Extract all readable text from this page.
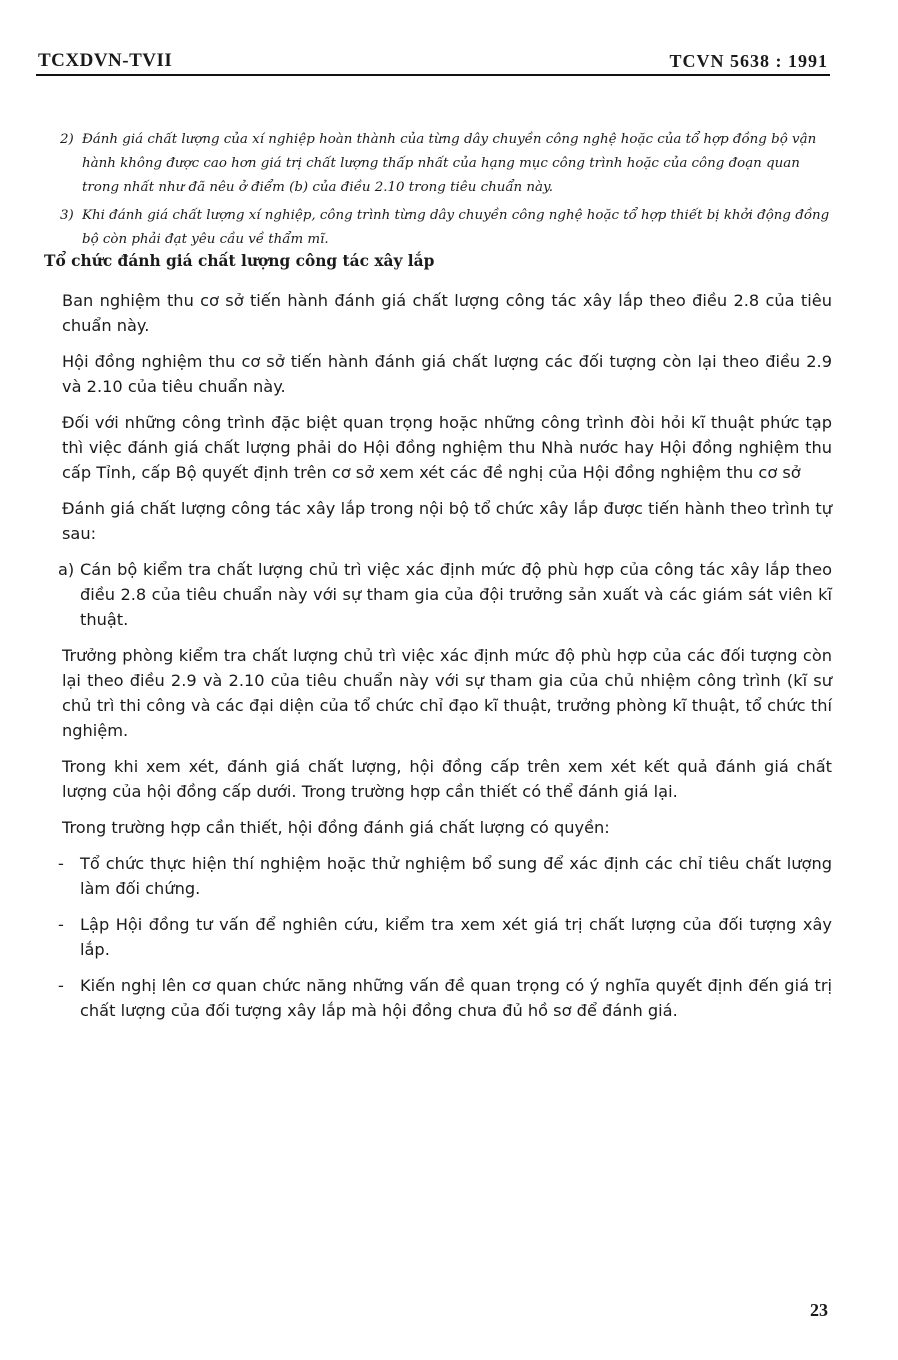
TCXDVN-TVII	TCVN 5638 : 1991
2) Đánh giá chất lượng của xí nghiệp hoàn thành của từng dây chuyền công nghệ hoặc của tổ hợp đồng bộ vận hành không được cao hơn giá trị chất lượng thấp nhất của hạng mục công trình hoặc của công đoạn quan trong nhất như đã nêu ở điểm (b) của điều 2.10 trong tiêu chuẩn này.
3) Khi đánh giá chất lượng xí nghiệp, công trình từng dây chuyền công nghệ hoặc tổ hợp thiết bị khởi động đồng bộ còn phải đạt yêu cầu về thẩm mĩ.
Tổ chức đánh giá chất lượng công tác xây lắp

Ban nghiệm thu cơ sở tiến hành đánh giá chất lượng công tác xây lắp theo điều 2.8 của tiêu chuẩn này.

Hội đồng nghiệm thu cơ sở tiến hành đánh giá chất lượng các đối tượng còn lại theo điều 2.9 và 2.10 của tiêu chuẩn này.

Đối với những công trình đặc biệt quan trọng hoặc những công trình đòi hỏi kĩ thuật phức tạp thì việc đánh giá chất lượng phải do Hội đồng nghiệm thu Nhà nước hay Hội đồng nghiệm thu cấp Tỉnh, cấp Bộ quyết định trên cơ sở xem xét các đề nghị của Hội đồng nghiệm thu cơ sở

Đánh giá chất lượng công tác xây lắp trong nội bộ tổ chức xây lắp được tiến hành theo trình tự sau:

a) Cán bộ kiểm tra chất lượng chủ trì việc xác định mức độ phù hợp của công tác xây lắp theo điều 2.8 của tiêu chuẩn này với sự tham gia của đội trưởng sản xuất và các giám sát viên kĩ thuật.

Trưởng phòng kiểm tra chất lượng chủ trì việc xác định mức độ phù hợp của các đối tượng còn lại theo điều 2.9 và 2.10 của tiêu chuẩn này với sự tham gia của chủ nhiệm công trình (kĩ sư chủ trì thi công và các đại diện của tổ chức chỉ đạo kĩ thuật, trưởng phòng kĩ thuật, tổ chức thí nghiệm.

Trong khi xem xét, đánh giá chất lượng, hội đồng cấp trên xem xét kết quả đánh giá chất lượng của hội đồng cấp dưới. Trong trường hợp cần thiết có thể đánh giá lại.

Trong trường hợp cần thiết, hội đồng đánh giá chất lượng có quyền:

- Tổ chức thực hiện thí nghiệm hoặc thử nghiệm bổ sung để xác định các chỉ tiêu chất lượng làm đối chứng.
- Lập Hội đồng tư vấn để nghiên cứu, kiểm tra xem xét giá trị chất lượng của đối tượng xây lắp.
- Kiến nghị lên cơ quan chức năng những vấn đề quan trọng có ý nghĩa quyết định đến giá trị chất lượng của đối tượng xây lắp mà hội đồng chưa đủ hồ sơ để đánh giá.
23
